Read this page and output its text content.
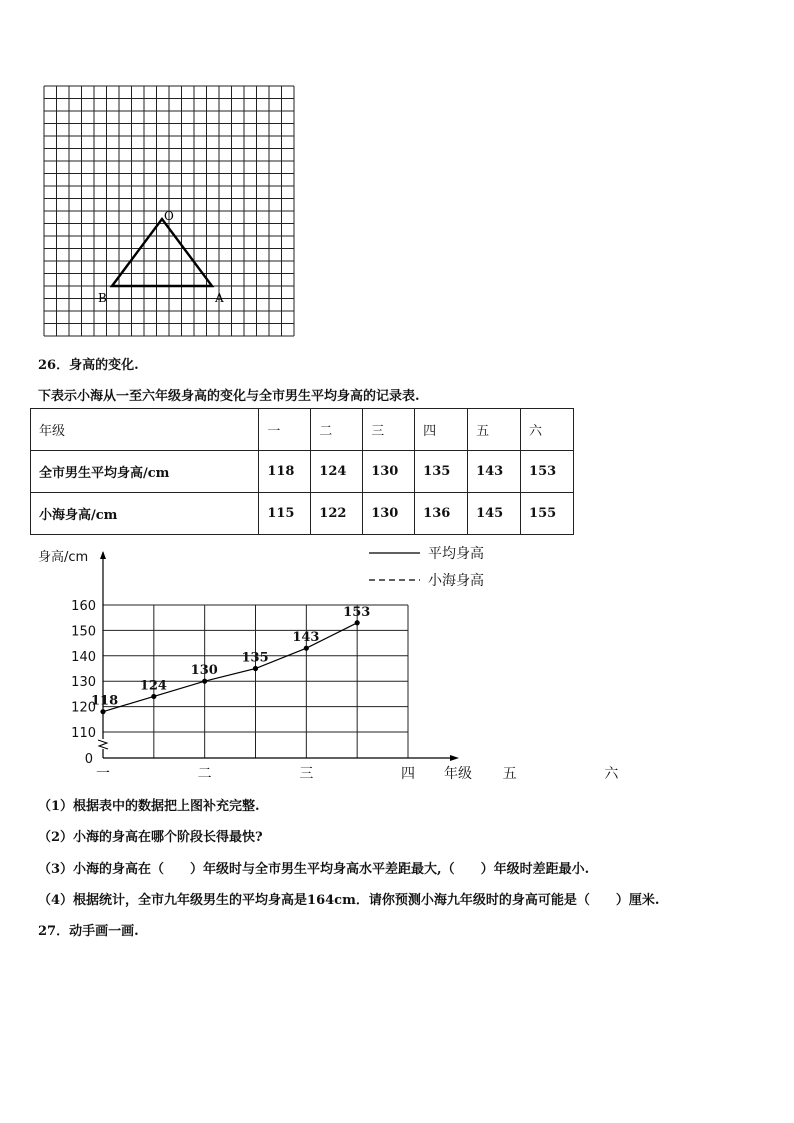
O
B	A
26．身高的变化.
下表示小海从一至六年级身高的变化与全市男生平均身高的记录表.
年级	一	二	三	四	五	六
全市男生平均身高/cm	118	124	130	135	143	153
小海身高/cm	115	122	130	136	145	155
身高/cm
年级
160
150
140
130
120
110
0
一	二	三	四	五	六
118
124
130
135
143
153
平均身高
小海身高
（1）根据表中的数据把上图补充完整.
（2）小海的身高在哪个阶段长得最快?
（3）小海的身高在（　　）年级时与全市男生平均身高水平差距最大,（　　）年级时差距最小.
（4）根据统计，全市九年级男生的平均身高是164cm．请你预测小海九年级时的身高可能是（　　）厘米.
27．动手画一画.
